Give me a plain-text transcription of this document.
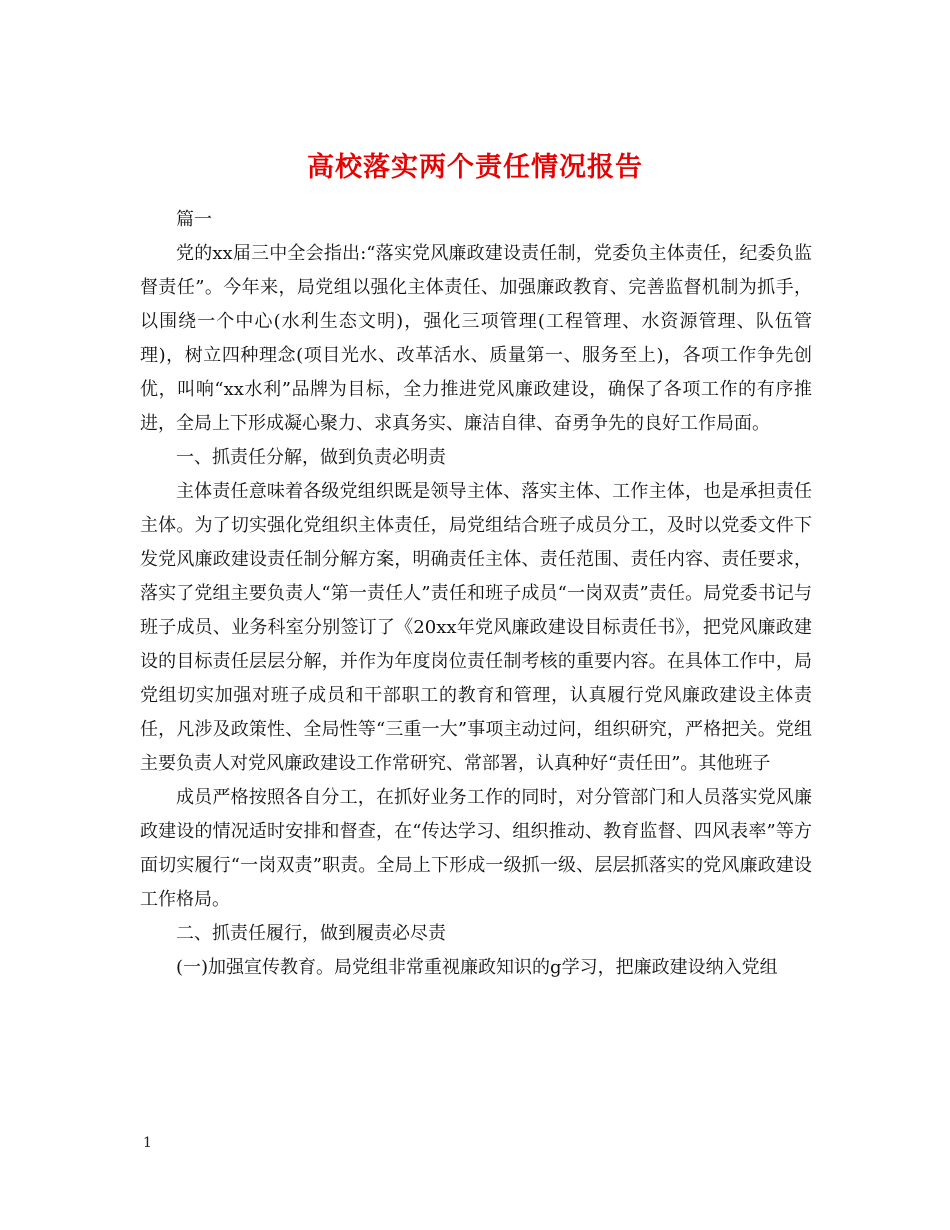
高校落实两个责任情况报告

篇一

党的xx届三中全会指出:“落实党风廉政建设责任制，党委负主体责任，纪委负监督责任”。今年来，局党组以强化主体责任、加强廉政教育、完善监督机制为抓手，以围绕一个中心(水利生态文明)，强化三项管理(工程管理、水资源管理、队伍管理)，树立四种理念(项目光水、改革活水、质量第一、服务至上)，各项工作争先创优，叫响“xx水利”品牌为目标，全力推进党风廉政建设，确保了各项工作的有序推进，全局上下形成凝心聚力、求真务实、廉洁自律、奋勇争先的良好工作局面。

一、抓责任分解，做到负责必明责

主体责任意味着各级党组织既是领导主体、落实主体、工作主体，也是承担责任主体。为了切实强化党组织主体责任，局党组结合班子成员分工，及时以党委文件下发党风廉政建设责任制分解方案，明确责任主体、责任范围、责任内容、责任要求，落实了党组主要负责人“第一责任人”责任和班子成员“一岗双责”责任。局党委书记与班子成员、业务科室分别签订了《20xx年党风廉政建设目标责任书》，把党风廉政建设的目标责任层层分解，并作为年度岗位责任制考核的重要内容。在具体工作中，局党组切实加强对班子成员和干部职工的教育和管理，认真履行党风廉政建设主体责任，凡涉及政策性、全局性等“三重一大”事项主动过问，组织研究，严格把关。党组主要负责人对党风廉政建设工作常研究、常部署，认真种好“责任田”。其他班子

成员严格按照各自分工，在抓好业务工作的同时，对分管部门和人员落实党风廉政建设的情况适时安排和督查，在“传达学习、组织推动、教育监督、四风表率”等方面切实履行“一岗双责”职责。全局上下形成一级抓一级、层层抓落实的党风廉政建设工作格局。

二、抓责任履行，做到履责必尽责

(一)加强宣传教育。局党组非常重视廉政知识的g学习，把廉政建设纳入党组

1
